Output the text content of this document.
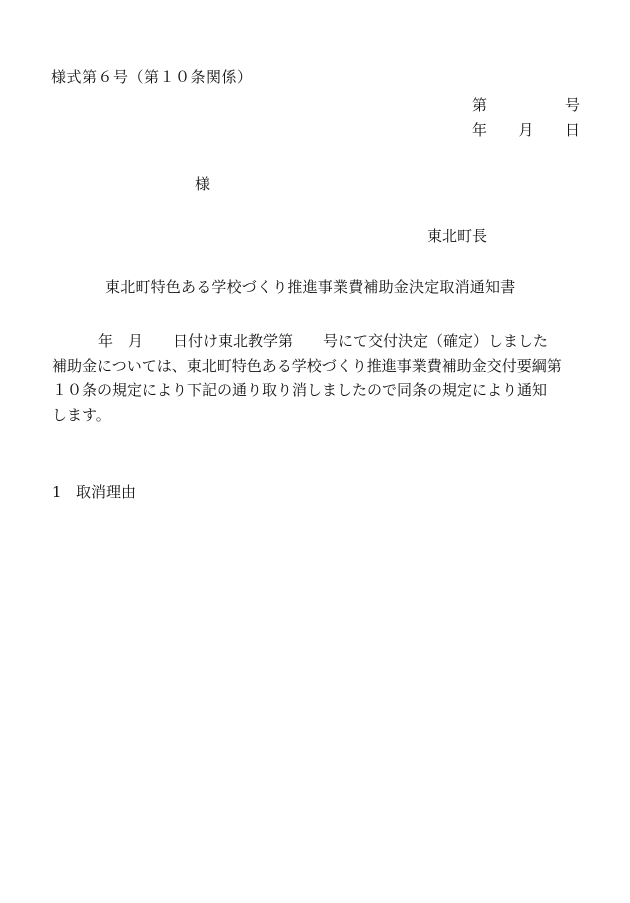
様式第６号（第１０条関係）
第	号
年 月 日
様
東北町長
東北町特色ある学校づくり推進事業費補助金決定取消通知書
年　月　　日付け東北教学第　　号にて交付決定（確定）しました
補助金については、東北町特色ある学校づくり推進事業費補助金交付要綱第
１０条の規定により下記の通り取り消しましたので同条の規定により通知
します。
1 取消理由
